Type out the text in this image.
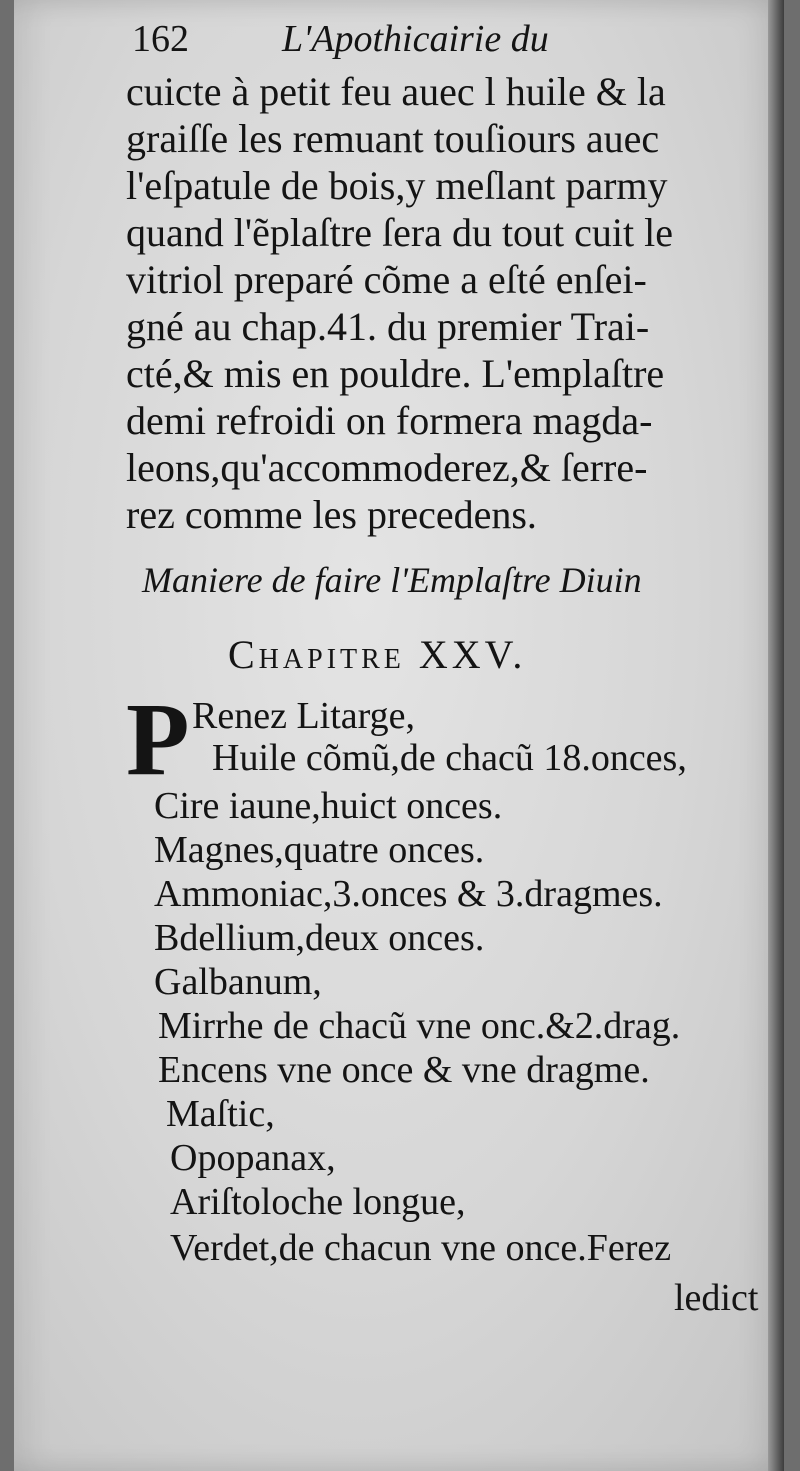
162 L'Apothicairie du

cuicte à petit feu auec l huile & la
graiſſe les remuant touſiours auec
l'eſpatule de bois,y meſlant parmy
quand l'ẽplaſtre ſera du tout cuit le
vitriol preparé cõme a eſté enſei-
gné au chap.41. du premier Trai-
cté,& mis en pouldre. L'emplaſtre
demi refroidi on formera magda-
leons,qu'accommoderez,& ſerre-
rez comme les precedens.

Maniere de faire l'Emplaſtre Diuin
Chapitre XXV.
P Renez Litarge,
Huile cõmũ,de chacũ 18.onces,
Cire iaune,huict onces.
Magnes,quatre onces.
Ammoniac,3.onces & 3.dragmes.
Bdellium,deux onces.
Galbanum,
Mirrhe de chacũ vne onc.&2.drag.
Encens vne once & vne dragme.
Maſtic,
Opopanax,
Ariſtoloche longue,
Verdet,de chacun vne once.Ferez
ledict
